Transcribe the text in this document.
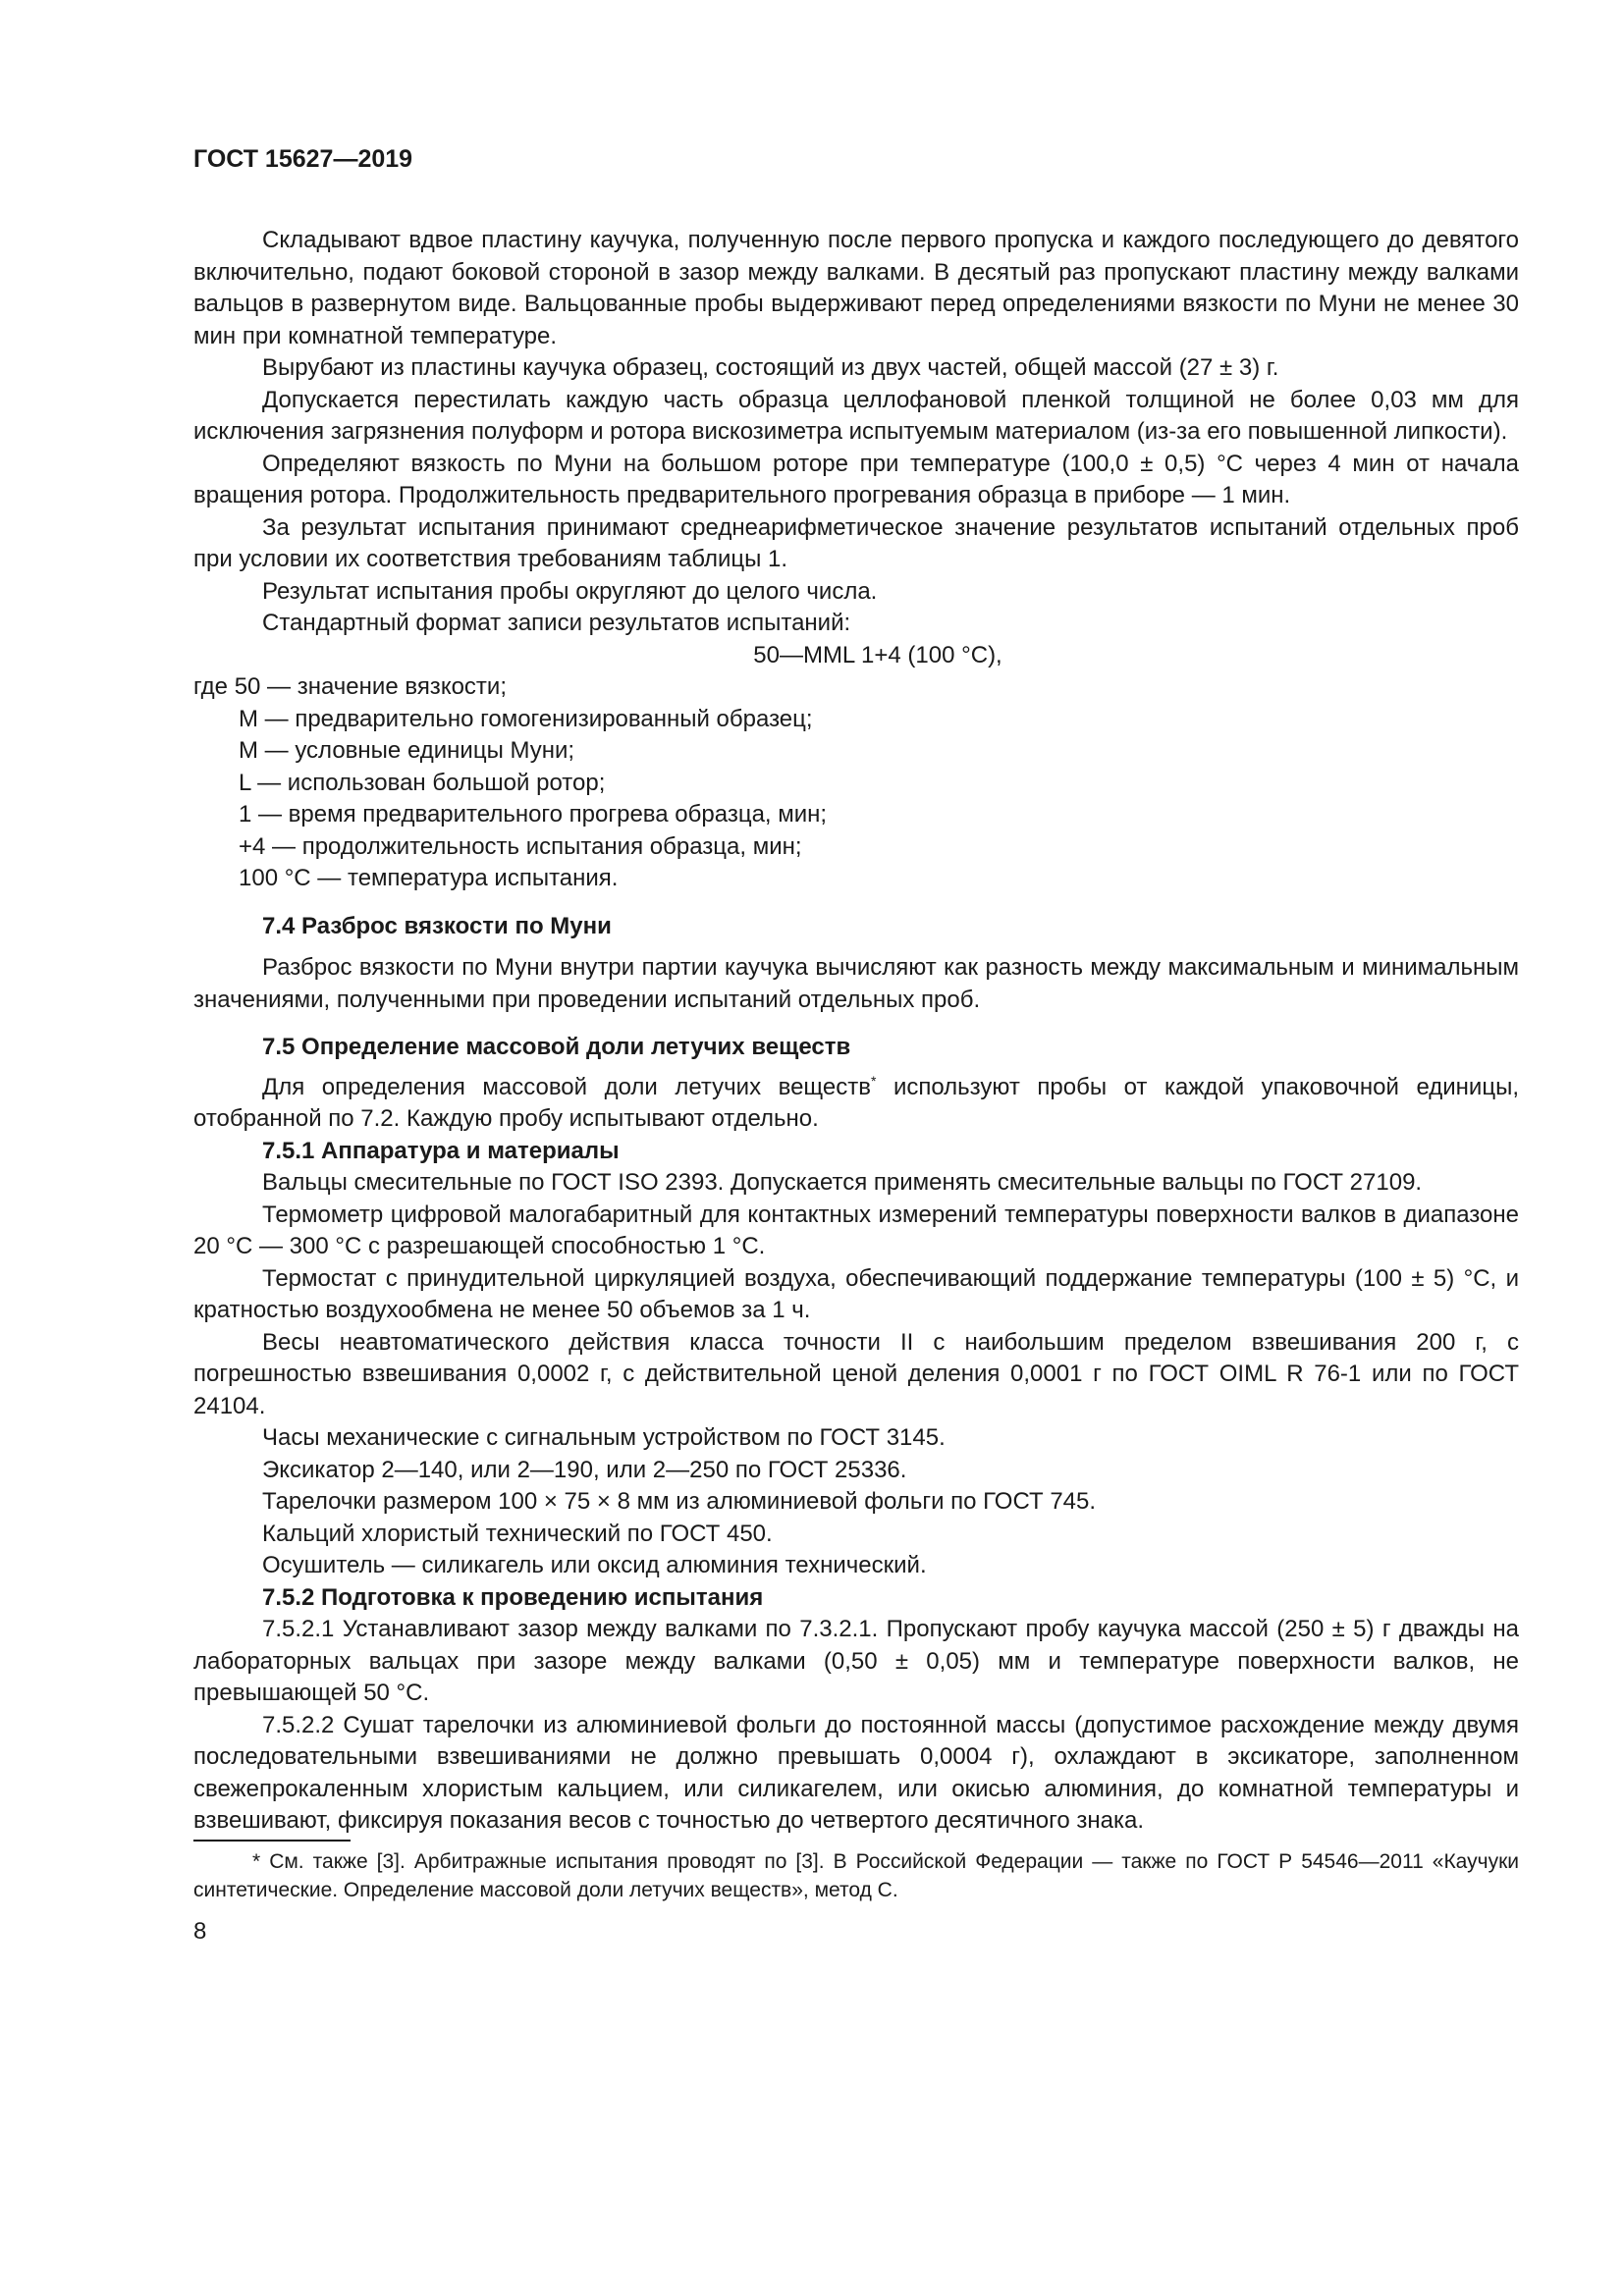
ГОСТ 15627—2019

Складывают вдвое пластину каучука, полученную после первого пропуска и каждого последующего до девятого включительно, подают боковой стороной в зазор между валками. В десятый раз пропускают пластину между валками вальцов в развернутом виде. Вальцованные пробы выдерживают перед определениями вязкости по Муни не менее 30 мин при комнатной температуре.

Вырубают из пластины каучука образец, состоящий из двух частей, общей массой (27 ± 3) г.

Допускается перестилать каждую часть образца целлофановой пленкой толщиной не более 0,03 мм для исключения загрязнения полуформ и ротора вискозиметра испытуемым материалом (из-за его повышенной липкости).

Определяют вязкость по Муни на большом роторе при температуре (100,0 ± 0,5) °С через 4 мин от начала вращения ротора. Продолжительность предварительного прогревания образца в приборе — 1 мин.

За результат испытания принимают среднеарифметическое значение результатов испытаний отдельных проб при условии их соответствия требованиям таблицы 1.

Результат испытания пробы округляют до целого числа.

Стандартный формат записи результатов испытаний:

50—MML 1+4 (100 °С),

где 50 — значение вязкости;
М — предварительно гомогенизированный образец;
М — условные единицы Муни;
L — использован большой ротор;
1 — время предварительного прогрева образца, мин;
+4 — продолжительность испытания образца, мин;
100 °С — температура испытания.
7.4 Разброс вязкости по Муни

Разброс вязкости по Муни внутри партии каучука вычисляют как разность между максимальным и минимальным значениями, полученными при проведении испытаний отдельных проб.

7.5 Определение массовой доли летучих веществ

Для определения массовой доли летучих веществ* используют пробы от каждой упаковочной единицы, отобранной по 7.2. Каждую пробу испытывают отдельно.

7.5.1 Аппаратура и материалы

Вальцы смесительные по ГОСТ ISO 2393. Допускается применять смесительные вальцы по ГОСТ 27109.

Термометр цифровой малогабаритный для контактных измерений температуры поверхности валков в диапазоне 20 °С — 300 °С с разрешающей способностью 1 °С.

Термостат с принудительной циркуляцией воздуха, обеспечивающий поддержание температуры (100 ± 5) °С, и кратностью воздухообмена не менее 50 объемов за 1 ч.

Весы неавтоматического действия класса точности II с наибольшим пределом взвешивания 200 г, с погрешностью взвешивания 0,0002 г, с действительной ценой деления 0,0001 г по ГОСТ OIML R 76-1 или по ГОСТ 24104.

Часы механические с сигнальным устройством по ГОСТ 3145.

Эксикатор 2—140, или 2—190, или 2—250 по ГОСТ 25336.

Тарелочки размером 100 × 75 × 8 мм из алюминиевой фольги по ГОСТ 745.

Кальций хлористый технический по ГОСТ 450.

Осушитель — силикагель или оксид алюминия технический.

7.5.2 Подготовка к проведению испытания

7.5.2.1 Устанавливают зазор между валками по 7.3.2.1. Пропускают пробу каучука массой (250 ± 5) г дважды на лабораторных вальцах при зазоре между валками (0,50 ± 0,05) мм и температуре поверхности валков, не превышающей 50 °С.

7.5.2.2 Сушат тарелочки из алюминиевой фольги до постоянной массы (допустимое расхождение между двумя последовательными взвешиваниями не должно превышать 0,0004 г), охлаждают в эксикаторе, заполненном свежепрокаленным хлористым кальцием, или силикагелем, или окисью алюминия, до комнатной температуры и взвешивают, фиксируя показания весов с точностью до четвертого десятичного знака.

* См. также [3]. Арбитражные испытания проводят по [3]. В Российской Федерации — также по ГОСТ Р 54546—2011 «Каучуки синтетические. Определение массовой доли летучих веществ», метод С.

8
